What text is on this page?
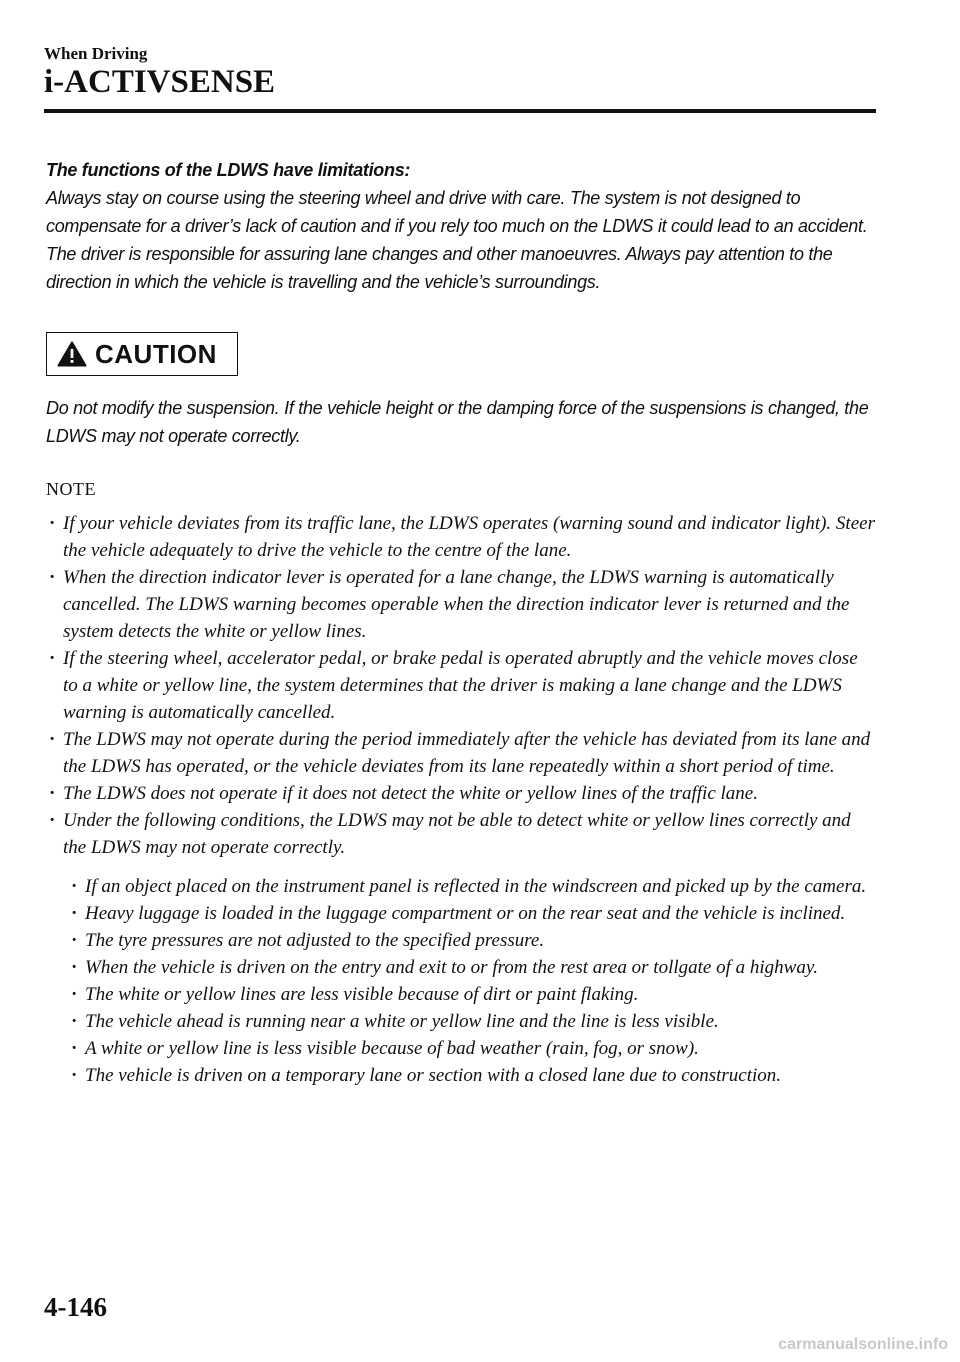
When Driving
i-ACTIVSENSE
The functions of the LDWS have limitations:
Always stay on course using the steering wheel and drive with care. The system is not designed to compensate for a driver’s lack of caution and if you rely too much on the LDWS it could lead to an accident. The driver is responsible for assuring lane changes and other manoeuvres. Always pay attention to the direction in which the vehicle is travelling and the vehicle’s surroundings.
CAUTION
Do not modify the suspension. If the vehicle height or the damping force of the suspensions is changed, the LDWS may not operate correctly.
NOTE
· If your vehicle deviates from its traffic lane, the LDWS operates (warning sound and indicator light). Steer the vehicle adequately to drive the vehicle to the centre of the lane.
· When the direction indicator lever is operated for a lane change, the LDWS warning is automatically cancelled. The LDWS warning becomes operable when the direction indicator lever is returned and the system detects the white or yellow lines.
· If the steering wheel, accelerator pedal, or brake pedal is operated abruptly and the vehicle moves close to a white or yellow line, the system determines that the driver is making a lane change and the LDWS warning is automatically cancelled.
· The LDWS may not operate during the period immediately after the vehicle has deviated from its lane and the LDWS has operated, or the vehicle deviates from its lane repeatedly within a short period of time.
· The LDWS does not operate if it does not detect the white or yellow lines of the traffic lane.
· Under the following conditions, the LDWS may not be able to detect white or yellow lines correctly and the LDWS may not operate correctly.
· If an object placed on the instrument panel is reflected in the windscreen and picked up by the camera.
· Heavy luggage is loaded in the luggage compartment or on the rear seat and the vehicle is inclined.
· The tyre pressures are not adjusted to the specified pressure.
· When the vehicle is driven on the entry and exit to or from the rest area or tollgate of a highway.
· The white or yellow lines are less visible because of dirt or paint flaking.
· The vehicle ahead is running near a white or yellow line and the line is less visible.
· A white or yellow line is less visible because of bad weather (rain, fog, or snow).
· The vehicle is driven on a temporary lane or section with a closed lane due to construction.
4-146
carmanualsonline.info
